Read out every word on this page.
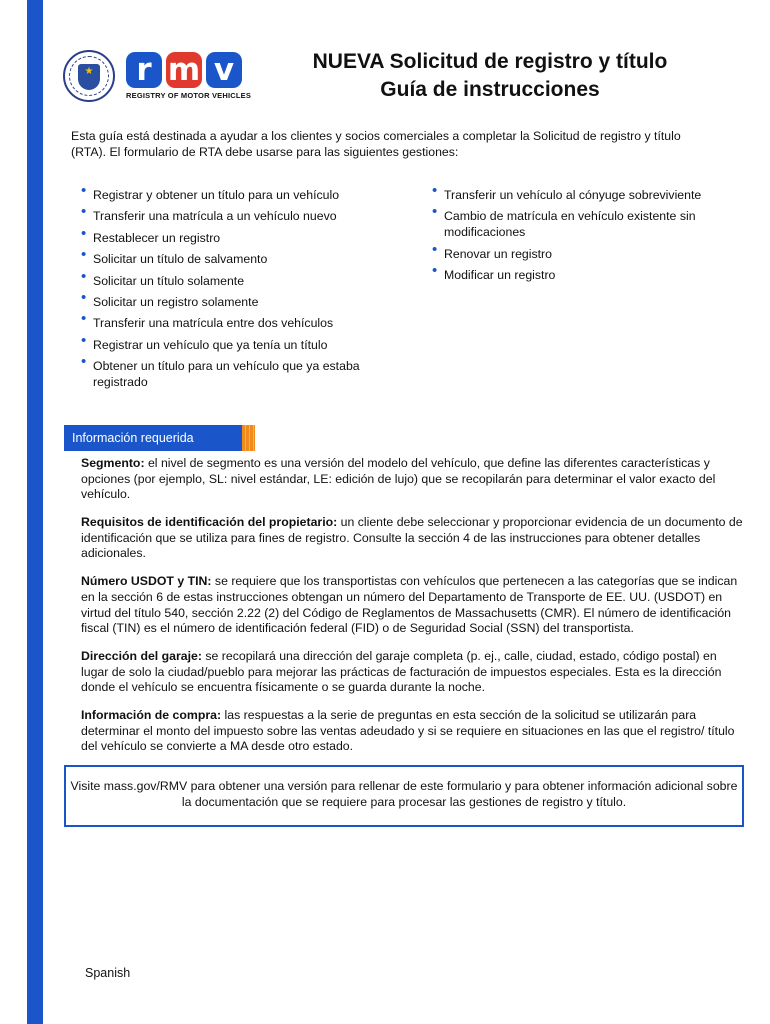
★	r m v
REGISTRY OF MOTOR VEHICLES
NUEVA Solicitud de registro y título
Guía de instrucciones
Esta guía está destinada a ayudar a los clientes y socios comerciales a completar la Solicitud de registro y título (RTA). El formulario de RTA debe usarse para las siguientes gestiones:
• Registrar y obtener un título para un vehículo
• Transferir una matrícula a un vehículo nuevo
• Restablecer un registro
• Solicitar un título de salvamento
• Solicitar un título solamente
• Solicitar un registro solamente
• Transferir una matrícula entre dos vehículos
• Registrar un vehículo que ya tenía un título
• Obtener un título para un vehículo que ya estaba registrado
• Transferir un vehículo al cónyuge sobreviviente
• Cambio de matrícula en vehículo existente sin modificaciones
• Renovar un registro
• Modificar un registro
Información requerida

Segmento: el nivel de segmento es una versión del modelo del vehículo, que define las diferentes características y opciones (por ejemplo, SL: nivel estándar, LE: edición de lujo) que se recopilarán para determinar el valor exacto del vehículo.

Requisitos de identificación del propietario: un cliente debe seleccionar y proporcionar evidencia de un documento de identificación que se utiliza para fines de registro. Consulte la sección 4 de las instrucciones para obtener detalles adicionales.

Número USDOT y TIN: se requiere que los transportistas con vehículos que pertenecen a las categorías que se indican en la sección 6 de estas instrucciones obtengan un número del Departamento de Transporte de EE. UU. (USDOT) en virtud del título 540, sección 2.22 (2) del Código de Reglamentos de Massachusetts (CMR). El número de identificación fiscal (TIN) es el número de identificación federal (FID) o de Seguridad Social (SSN) del transportista.

Dirección del garaje: se recopilará una dirección del garaje completa (p. ej., calle, ciudad, estado, código postal) en lugar de solo la ciudad/pueblo para mejorar las prácticas de facturación de impuestos especiales. Esta es la dirección donde el vehículo se encuentra físicamente o se guarda durante la noche.

Información de compra: las respuestas a la serie de preguntas en esta sección de la solicitud se utilizarán para determinar el monto del impuesto sobre las ventas adeudado y si se requiere en situaciones en las que el registro/ título del vehículo se convierte a MA desde otro estado.

Visite mass.gov/RMV para obtener una versión para rellenar de este formulario y para obtener información adicional sobre la documentación que se requiere para procesar las gestiones de registro y título.
Spanish
